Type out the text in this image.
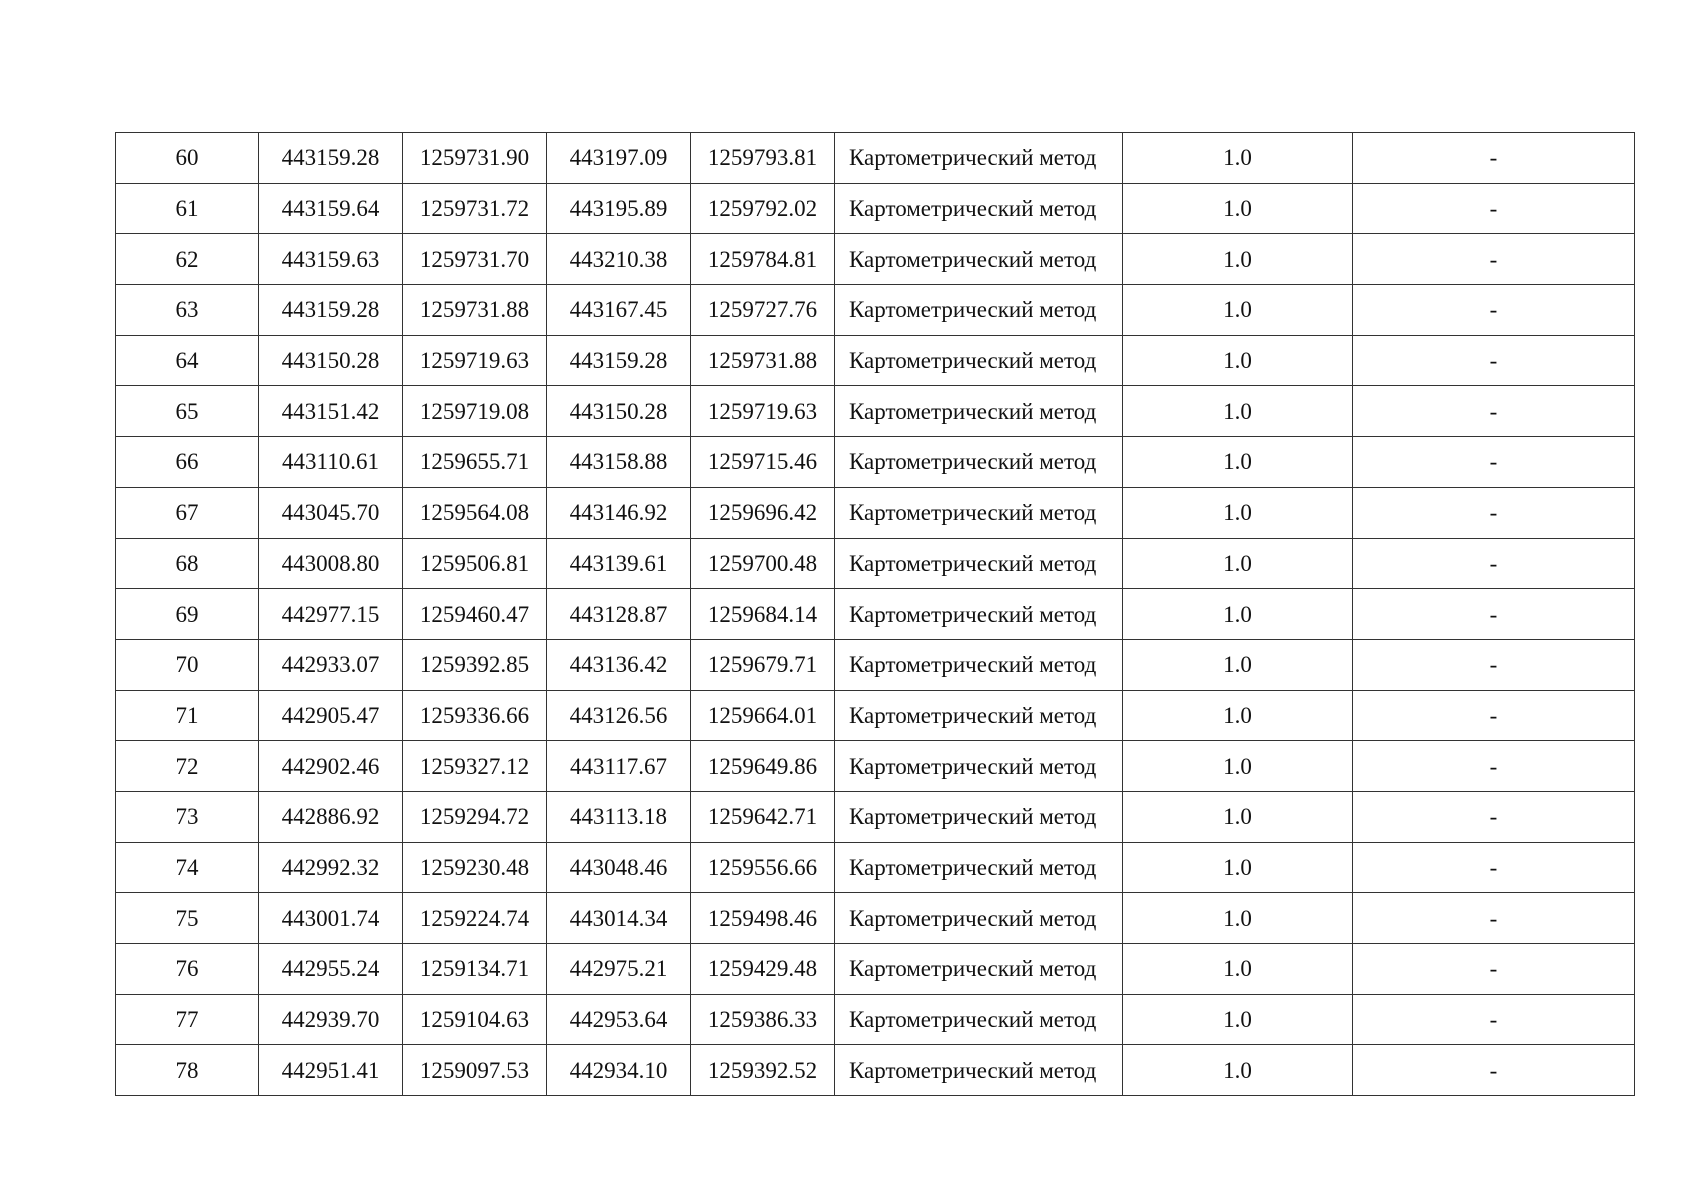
60	443159.28	1259731.90	443197.09	1259793.81	Картометрический метод	1.0	-
61	443159.64	1259731.72	443195.89	1259792.02	Картометрический метод	1.0	-
62	443159.63	1259731.70	443210.38	1259784.81	Картометрический метод	1.0	-
63	443159.28	1259731.88	443167.45	1259727.76	Картометрический метод	1.0	-
64	443150.28	1259719.63	443159.28	1259731.88	Картометрический метод	1.0	-
65	443151.42	1259719.08	443150.28	1259719.63	Картометрический метод	1.0	-
66	443110.61	1259655.71	443158.88	1259715.46	Картометрический метод	1.0	-
67	443045.70	1259564.08	443146.92	1259696.42	Картометрический метод	1.0	-
68	443008.80	1259506.81	443139.61	1259700.48	Картометрический метод	1.0	-
69	442977.15	1259460.47	443128.87	1259684.14	Картометрический метод	1.0	-
70	442933.07	1259392.85	443136.42	1259679.71	Картометрический метод	1.0	-
71	442905.47	1259336.66	443126.56	1259664.01	Картометрический метод	1.0	-
72	442902.46	1259327.12	443117.67	1259649.86	Картометрический метод	1.0	-
73	442886.92	1259294.72	443113.18	1259642.71	Картометрический метод	1.0	-
74	442992.32	1259230.48	443048.46	1259556.66	Картометрический метод	1.0	-
75	443001.74	1259224.74	443014.34	1259498.46	Картометрический метод	1.0	-
76	442955.24	1259134.71	442975.21	1259429.48	Картометрический метод	1.0	-
77	442939.70	1259104.63	442953.64	1259386.33	Картометрический метод	1.0	-
78	442951.41	1259097.53	442934.10	1259392.52	Картометрический метод	1.0	-
